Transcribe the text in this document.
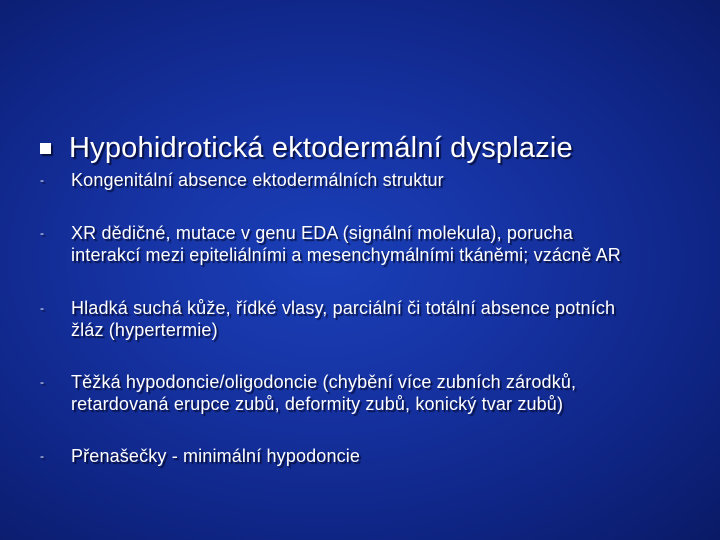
Hypohidrotická ektodermální dysplazie
-	Kongenitální absence ektodermálních struktur
-	XR dědičné, mutace v genu EDA (signální molekula), porucha
interakcí mezi epiteliálními a mesenchymálními tkáněmi; vzácně AR
-	Hladká suchá kůže, řídké vlasy, parciální či totální absence potních
žláz (hypertermie)
-	Těžká hypodoncie/oligodoncie (chybění více zubních zárodků,
retardovaná erupce zubů, deformity zubů, konický tvar zubů)
-	Přenašečky - minimální hypodoncie
